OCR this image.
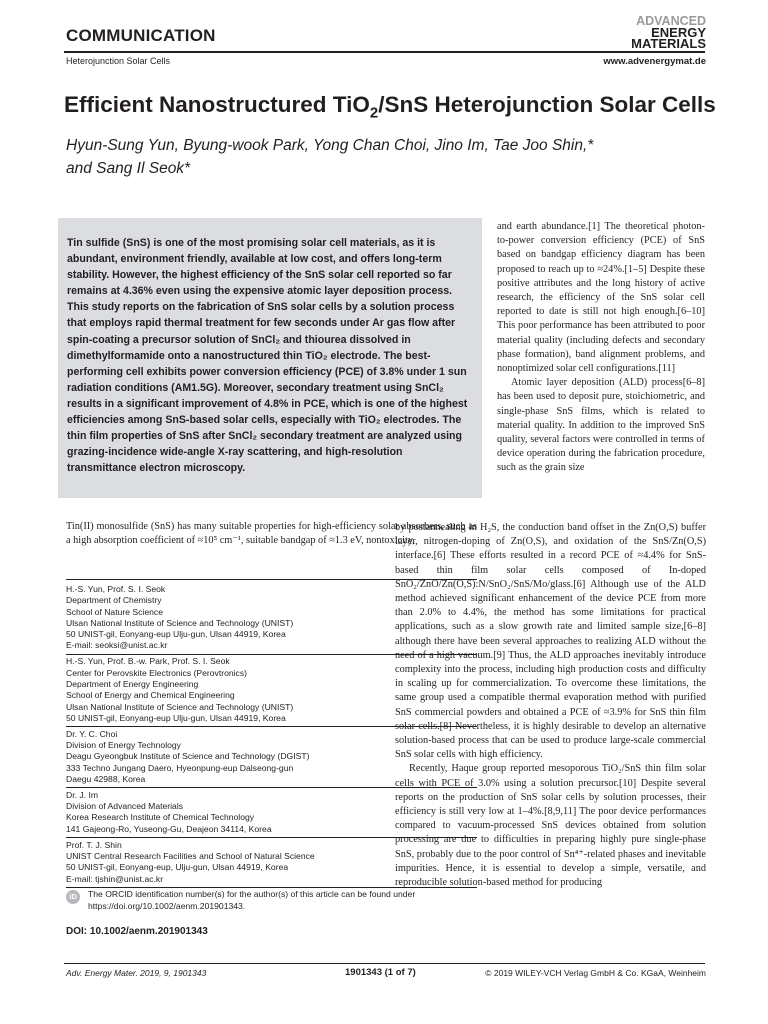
COMMUNICATION
ADVANCED
ENERGY
MATERIALS
Heterojunction Solar Cells	www.advenergymat.de
Efficient Nanostructured TiO$_2$/SnS Heterojunction Solar Cells
Hyun-Sung Yun, Byung-wook Park, Yong Chan Choi, Jino Im, Tae Joo Shin,*
and Sang Il Seok*

Tin sulfide (SnS) is one of the most promising solar cell materials, as it is abundant, environment friendly, available at low cost, and offers long-term stability. However, the highest efficiency of the SnS solar cell reported so far remains at 4.36% even using the expensive atomic layer deposition process. This study reports on the fabrication of SnS solar cells by a solution process that employs rapid thermal treatment for few seconds under Ar gas flow after spin-coating a precursor solution of SnCl₂ and thiourea dissolved in dimethylformamide onto a nanostructured thin TiO₂ electrode. The best-performing cell exhibits power conversion efficiency (PCE) of 3.8% under 1 sun radiation conditions (AM1.5G). Moreover, secondary treatment using SnCl₂ results in a significant improvement of 4.8% in PCE, which is one of the highest efficiencies among SnS-based solar cells, especially with TiO₂ electrodes. The thin film properties of SnS after SnCl₂ secondary treatment are analyzed using grazing-incidence wide-angle X-ray scattering, and high-resolution transmittance electron microscopy.

and earth abundance.[1] The theoretical photon-to-power conversion efficiency (PCE) of SnS based on bandgap efficiency diagram has been proposed to reach up to ≈24%.[1–5] Despite these positive attributes and the long history of active research, the efficiency of the SnS solar cell reported to date is still not high enough.[6–10] This poor performance has been attributed to poor material quality (including defects and secondary phase formation), band alignment problems, and nonoptimized solar cell configurations.[11]

Atomic layer deposition (ALD) process[6–8] has been used to deposit pure, stoichiometric, and single-phase SnS films, which is related to material quality. In addition to the improved SnS quality, several factors were controlled in terms of device operation during the fabrication procedure, such as the grain size

Tin(II) monosulfide (SnS) has many suitable properties for high-efficiency solar absorbers, such as a high absorption coefficient of ≈10⁵ cm⁻¹, suitable bandgap of ≈1.3 eV, nontoxicity,

by postannealing in H₂S, the conduction band offset in the Zn(O,S) buffer layer, nitrogen-doping of Zn(O,S), and oxidation of the SnS/Zn(O,S) interface.[6] These efforts resulted in a record PCE of ≈4.4% for SnS-based thin film solar cells composed of In-doped SnO₂/ZnO/Zn(O,S):N/SnO₂/SnS/Mo/glass.[6] Although use of the ALD method achieved significant enhancement of the device PCE from more than 2.0% to 4.4%, the method has some limitations for practical applications, such as a slow growth rate and limited sample size,[6–8] although there have been several approaches to realizing ALD without the need of a high vacuum.[9] Thus, the ALD approaches inevitably introduce complexity into the process, including high production costs and difficulty in scaling up for commercialization. To overcome these limitations, the same group used a compatible thermal evaporation method with purified SnS commercial powders and obtained a PCE of ≈3.9% for SnS thin film solar cells.[8] Nevertheless, it is highly desirable to develop an alternative solution-based process that can be used to produce large-scale commercial SnS solar cells with high efficiency.

Recently, Haque group reported mesoporous TiO₂/SnS thin film solar cells with PCE of 3.0% using a solution precursor.[10] Despite several reports on the production of SnS solar cells by solution processes, their efficiency is still very low at 1–4%.[8,9,11] The poor device performances compared to vacuum-processed SnS devices obtained from solution processing are due to difficulties in preparing highly pure single-phase SnS, probably due to the poor control of Sn⁴⁺-related phases and inevitable impurities. Hence, it is essential to develop a simple, versatile, and reproducible solution-based method for producing

H.-S. Yun, Prof. S. I. Seok
Department of Chemistry
School of Nature Science
Ulsan National Institute of Science and Technology (UNIST)
50 UNIST-gil, Eonyang-eup Ulju-gun, Ulsan 44919, Korea
E-mail: seoksi@unist.ac.kr
H.-S. Yun, Prof. B.-w. Park, Prof. S. I. Seok
Center for Perovskite Electronics (Perovtronics)
Department of Energy Engineering
School of Energy and Chemical Engineering
Ulsan National Institute of Science and Technology (UNIST)
50 UNIST-gil, Eonyang-eup Ulju-gun, Ulsan 44919, Korea
Dr. Y. C. Choi
Division of Energy Technology
Deagu Gyeongbuk Institute of Science and Technology (DGIST)
333 Techno Jungang Daero, Hyeonpung-eup Dalseong-gun
Daegu 42988, Korea
Dr. J. Im
Division of Advanced Materials
Korea Research Institute of Chemical Technology
141 Gajeong-Ro, Yuseong-Gu, Deajeon 34114, Korea
Prof. T. J. Shin
UNIST Central Research Facilities and School of Natural Science
50 UNIST-gil, Eonyang-eup, Ulju-gun, Ulsan 44919, Korea
E-mail: tjshin@unist.ac.kr
iD	The ORCID identification number(s) for the author(s) of this article can be found under https://doi.org/10.1002/aenm.201901343.
DOI: 10.1002/aenm.201901343
Adv. Energy Mater. 2019, 9, 1901343	1901343 (1 of 7)	© 2019 WILEY-VCH Verlag GmbH & Co. KGaA, Weinheim
